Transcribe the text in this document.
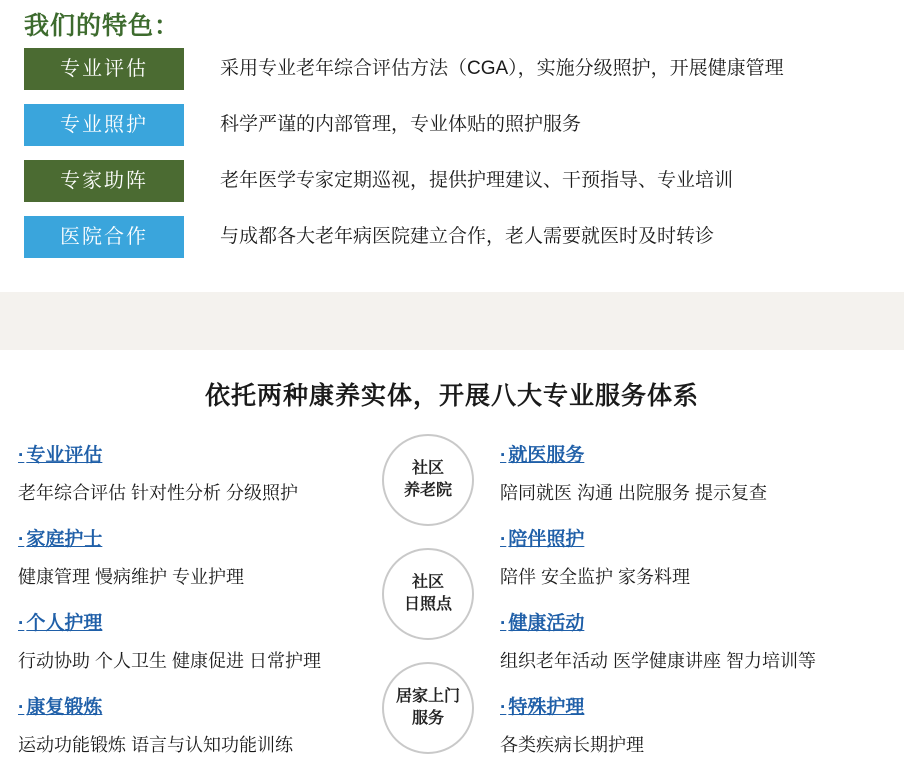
我们的特色：
专业评估	采用专业老年综合评估方法（CGA），实施分级照护，开展健康管理
专业照护	科学严谨的内部管理，专业体贴的照护服务
专家助阵	老年医学专家定期巡视，提供护理建议、干预指导、专业培训
医院合作	与成都各大老年病医院建立合作，老人需要就医时及时转诊
依托两种康养实体，开展八大专业服务体系
社区
养老院
社区
日照点
居家上门
服务
· 专业评估
老年综合评估 针对性分析 分级照护
· 家庭护士
健康管理 慢病维护 专业护理
· 个人护理
行动协助 个人卫生 健康促进 日常护理
· 康复锻炼
运动功能锻炼 语言与认知功能训练
· 就医服务
陪同就医 沟通 出院服务 提示复查
· 陪伴照护
陪伴 安全监护 家务料理
· 健康活动
组织老年活动 医学健康讲座 智力培训等
· 特殊护理
各类疾病长期护理
